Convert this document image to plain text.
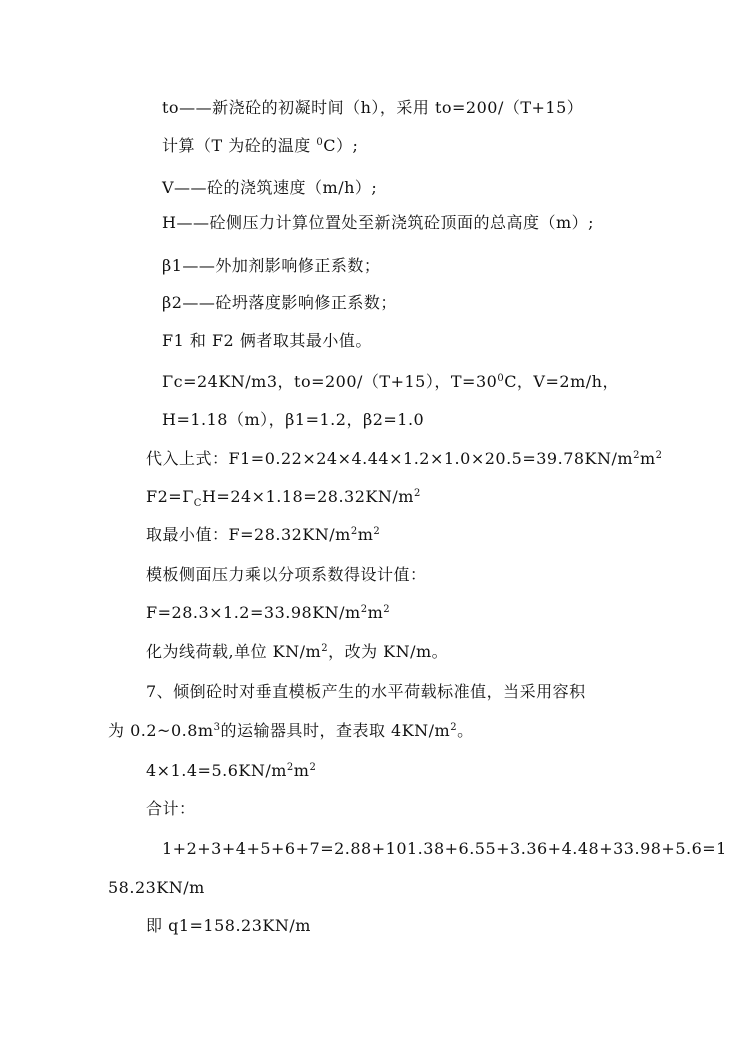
to——新浇砼的初凝时间（h），采用 to=200/（T+15）
计算（T 为砼的温度 $^0$C）;
V——砼的浇筑速度（m/h）;
H——砼侧压力计算位置处至新浇筑砼顶面的总高度（m）;
β1——外加剂影响修正系数；
β2——砼坍落度影响修正系数；
F1 和 F2 俩者取其最小值。
Γc=24KN/m3，to=200/（T+15），$T=30^0C$，V=2m/h，
H=1.18（m），β1=1.2，β2=1.0
代入上式：$F1=0.22\times 24\times 4.44\times 1.2\times 1.0\times 20.5=39.78KN/m^2m^2$
$F2=\Gamma_CH=24\times 1.18=28.32KN/m^2$
取最小值：$F=28.32KN/m^2m^2$
模板侧面压力乘以分项系数得设计值：
$F=28.3\times 1.2=33.98KN/m^2m^2$
化为线荷载,单位 $KN/m^2$，改为 KN/m。
7、倾倒砼时对垂直模板产生的水平荷载标准值，当采用容积
为 $0.2\sim 0.8m^3$的运输器具时，查表取 $4KN/m^2$。
$4\times 1.4=5.6KN/m^2m^2$
合计：
1+2+3+4+5+6+7=2.88+101.38+6.55+3.36+4.48+33.98+5.6=1
58.23KN/m
即 q1=158.23KN/m
